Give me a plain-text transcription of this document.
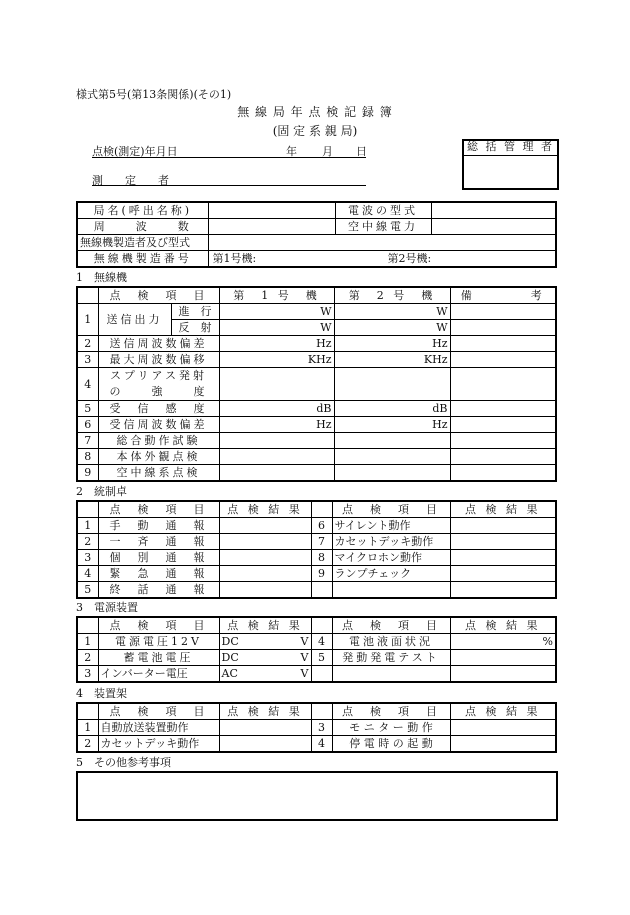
様式第5号(第13条関係)(その1)
無 線 局 年 点 検 記 録 簿
(固 定 系 親 局)
点検(測定)年月日	年 月 日
測　　定　　者
総 括 管 理 者
局名(呼出名称)		電波の型式	
周　　波　　数		空中線電力	
無線機製造者及び型式			
無線機製造番号	第1号機: 第2号機:		
1　無線機
	点　検　項　目		第　1 号　機	第　2 号　機	備　　　　考
1	送信出力	進　行	W	W	
		反　射	W	W	
2	送信周波数偏差		Hz	Hz	
3	最大周波数偏移		KHz	KHz	
4	スプリアス発射
の　　強　　度				

5	受　信　感　度		dB	dB	
6	受信周波数偏差		Hz	Hz	
7	総合動作試験				
8	本体外観点検				
9	空中線系点検				
2　統制卓
	点　検　項　目	点 検 結 果		点　検　項　目	点 検 結 果
1	手　動　通　報		6	サイレント動作	
2	一　斉　通　報		7	カセットデッキ動作	
3	個　別　通　報		8	マイクロホン動作	
4	緊　急　通　報		9	ランプチェック	
5	終　話　通　報				
3　電源装置
	点　検　項　目	点 検 結 果		点　検　項　目	点 検 結 果
1	電源電圧12V	DC V	4	電池液面状況	%
2	蓄電池電圧	DC V	5	発動発電テスト	
3	インバーター電圧	AC V			

4　装置架
	点　検　項　目	点 検 結 果		点　検　項　目	点 検 結 果
1	自動放送装置動作		3	モ ニ タ ー 動 作	
2	カセットデッキ動作		4	停 電 時 の 起 動	
5　その他参考事項
